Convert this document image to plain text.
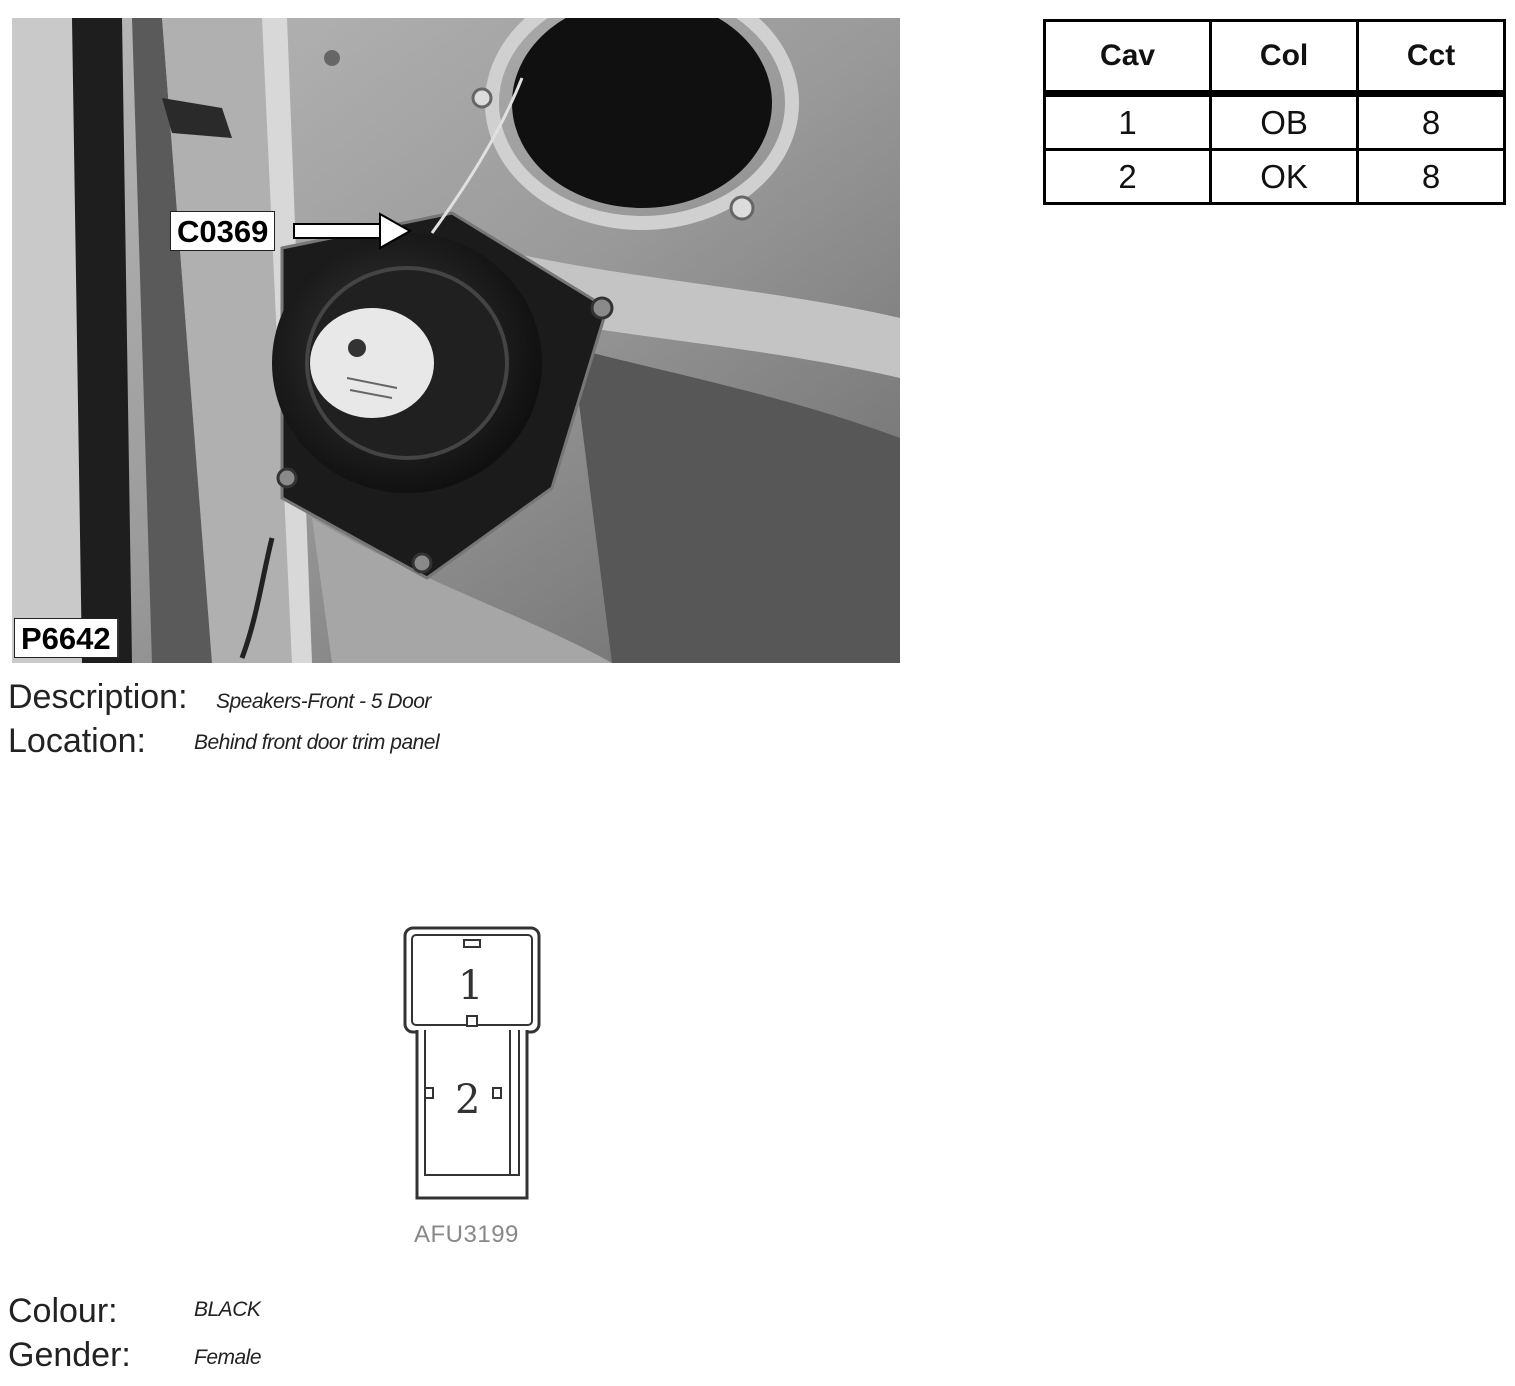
C0369
P6642
Cav	Col	Cct
1	OB	8
2	OK	8
Description: Speakers-Front - 5 Door
Location: Behind front door trim panel
1
2
AFU3199
Colour:	BLACK
Gender:	Female
